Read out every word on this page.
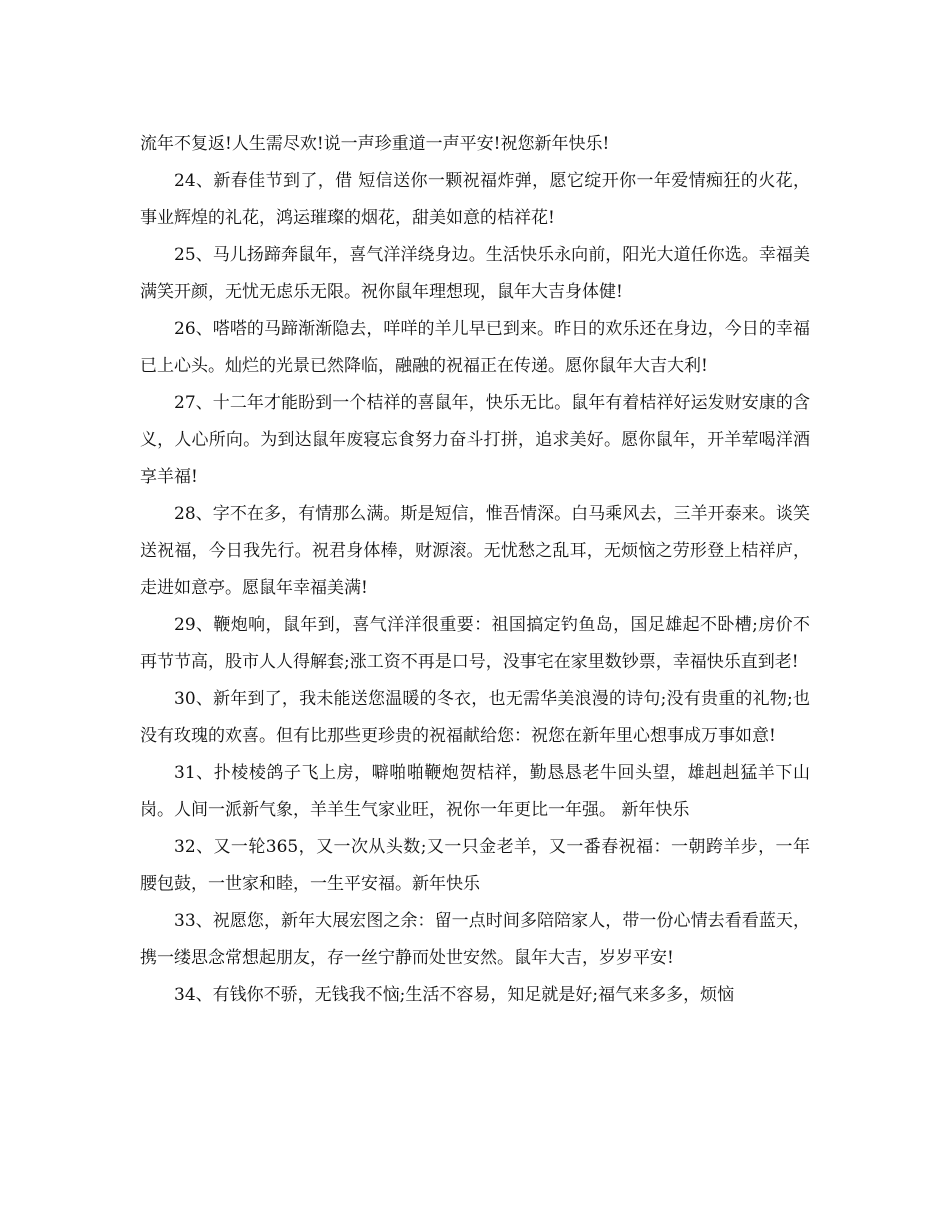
流年不复返!人生需尽欢!说一声珍重道一声平安!祝您新年快乐!

24、新春佳节到了，借 短信送你一颗祝福炸弹，愿它绽开你一年爱情痴狂的火花，事业辉煌的礼花，鸿运璀璨的烟花，甜美如意的桔祥花!

25、马儿扬蹄奔鼠年，喜气洋洋绕身边。生活快乐永向前，阳光大道任你选。幸福美满笑开颜，无忧无虑乐无限。祝你鼠年理想现，鼠年大吉身体健!

26、嗒嗒的马蹄渐渐隐去，咩咩的羊儿早已到来。昨日的欢乐还在身边，今日的幸福已上心头。灿烂的光景已然降临，融融的祝福正在传递。愿你鼠年大吉大利!

27、十二年才能盼到一个桔祥的喜鼠年，快乐无比。鼠年有着桔祥好运发财安康的含义，人心所向。为到达鼠年废寝忘食努力奋斗打拼，追求美好。愿你鼠年，开羊荤喝洋酒享羊福!

28、字不在多，有情那么满。斯是短信，惟吾情深。白马乘风去，三羊开泰来。谈笑送祝福，今日我先行。祝君身体棒，财源滚。无忧愁之乱耳，无烦恼之劳形登上桔祥庐，走进如意亭。愿鼠年幸福美满!

29、鞭炮响，鼠年到，喜气洋洋很重要：祖国搞定钓鱼岛，国足雄起不卧槽;房价不再节节高，股市人人得解套;涨工资不再是口号，没事宅在家里数钞票，幸福快乐直到老!

30、新年到了，我未能送您温暖的冬衣，也无需华美浪漫的诗句;没有贵重的礼物;也没有玫瑰的欢喜。但有比那些更珍贵的祝福献给您：祝您在新年里心想事成万事如意!

31、扑棱棱鸽子飞上房，噼啪啪鞭炮贺桔祥，勤恳恳老牛回头望，雄赳赳猛羊下山岗。人间一派新气象，羊羊生气家业旺，祝你一年更比一年强。 新年快乐

32、又一轮365，又一次从头数;又一只金老羊，又一番春祝福：一朝跨羊步，一年腰包鼓，一世家和睦，一生平安福。新年快乐

33、祝愿您，新年大展宏图之余：留一点时间多陪陪家人，带一份心情去看看蓝天，携一缕思念常想起朋友，存一丝宁静而处世安然。鼠年大吉，岁岁平安!

34、有钱你不骄，无钱我不恼;生活不容易，知足就是好;福气来多多，烦恼
